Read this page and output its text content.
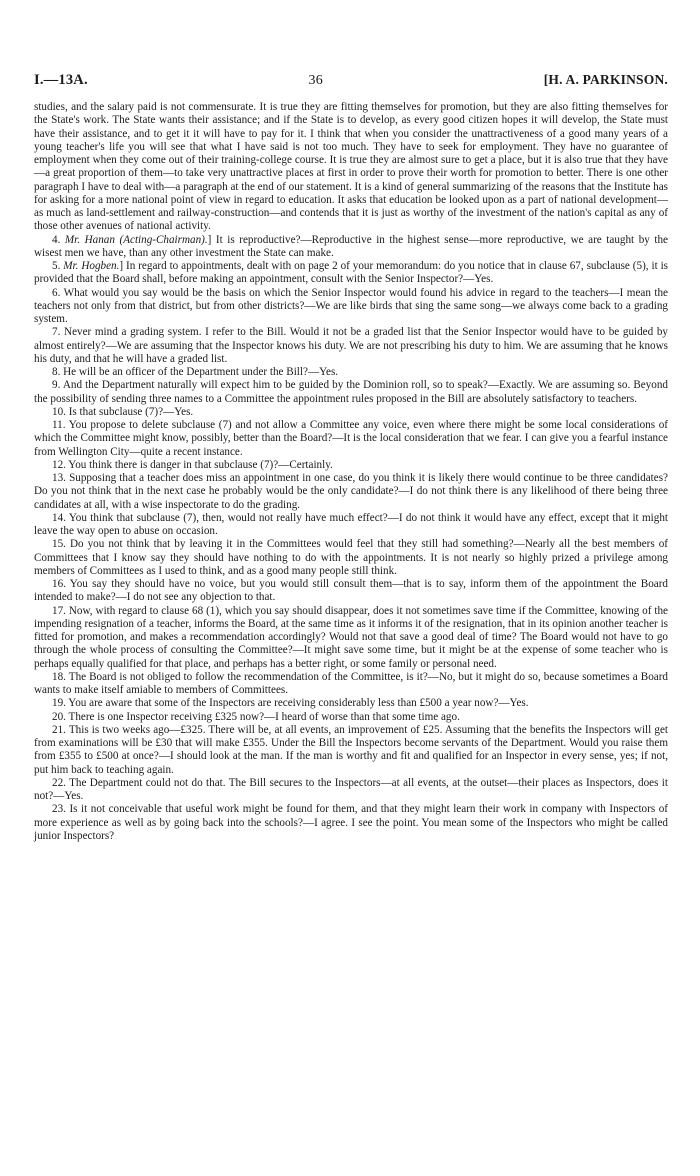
I.—13A.	36	[H. A. PARKINSON.

studies, and the salary paid is not commensurate. It is true they are fitting themselves for promotion, but they are also fitting themselves for the State's work. The State wants their assistance; and if the State is to develop, as every good citizen hopes it will develop, the State must have their assistance, and to get it it will have to pay for it. I think that when you consider the unattractiveness of a good many years of a young teacher's life you will see that what I have said is not too much. They have to seek for employment. They have no guarantee of employment when they come out of their training-college course. It is true they are almost sure to get a place, but it is also true that they have—a great proportion of them—to take very unattractive places at first in order to prove their worth for promotion to better. There is one other paragraph I have to deal with—a paragraph at the end of our statement. It is a kind of general summarizing of the reasons that the Institute has for asking for a more national point of view in regard to education. It asks that education be looked upon as a part of national development—as much as land-settlement and railway-construction—and contends that it is just as worthy of the investment of the nation's capital as any of those other avenues of national activity.

4. Mr. Hanan (Acting-Chairman).] It is reproductive?—Reproductive in the highest sense—more reproductive, we are taught by the wisest men we have, than any other investment the State can make.

5. Mr. Hogben.] In regard to appointments, dealt with on page 2 of your memorandum: do you notice that in clause 67, subclause (5), it is provided that the Board shall, before making an appointment, consult with the Senior Inspector?—Yes.

6. What would you say would be the basis on which the Senior Inspector would found his advice in regard to the teachers—I mean the teachers not only from that district, but from other districts?—We are like birds that sing the same song—we always come back to a grading system.

7. Never mind a grading system. I refer to the Bill. Would it not be a graded list that the Senior Inspector would have to be guided by almost entirely?—We are assuming that the Inspector knows his duty. We are not prescribing his duty to him. We are assuming that he knows his duty, and that he will have a graded list.

8. He will be an officer of the Department under the Bill?—Yes.

9. And the Department naturally will expect him to be guided by the Dominion roll, so to speak?—Exactly. We are assuming so. Beyond the possibility of sending three names to a Committee the appointment rules proposed in the Bill are absolutely satisfactory to teachers.

10. Is that subclause (7)?—Yes.

11. You propose to delete subclause (7) and not allow a Committee any voice, even where there might be some local considerations of which the Committee might know, possibly, better than the Board?—It is the local consideration that we fear. I can give you a fearful instance from Wellington City—quite a recent instance.

12. You think there is danger in that subclause (7)?—Certainly.

13. Supposing that a teacher does miss an appointment in one case, do you think it is likely there would continue to be three candidates? Do you not think that in the next case he probably would be the only candidate?—I do not think there is any likelihood of there being three candidates at all, with a wise inspectorate to do the grading.

14. You think that subclause (7), then, would not really have much effect?—I do not think it would have any effect, except that it might leave the way open to abuse on occasion.

15. Do you not think that by leaving it in the Committees would feel that they still had something?—Nearly all the best members of Committees that I know say they should have nothing to do with the appointments. It is not nearly so highly prized a privilege among members of Committees as I used to think, and as a good many people still think.

16. You say they should have no voice, but you would still consult them—that is to say, inform them of the appointment the Board intended to make?—I do not see any objection to that.

17. Now, with regard to clause 68 (1), which you say should disappear, does it not sometimes save time if the Committee, knowing of the impending resignation of a teacher, informs the Board, at the same time as it informs it of the resignation, that in its opinion another teacher is fitted for promotion, and makes a recommendation accordingly? Would not that save a good deal of time? The Board would not have to go through the whole process of consulting the Committee?—It might save some time, but it might be at the expense of some teacher who is perhaps equally qualified for that place, and perhaps has a better right, or some family or personal need.

18. The Board is not obliged to follow the recommendation of the Committee, is it?—No, but it might do so, because sometimes a Board wants to make itself amiable to members of Committees.

19. You are aware that some of the Inspectors are receiving considerably less than £500 a year now?—Yes.

20. There is one Inspector receiving £325 now?—I heard of worse than that some time ago.

21. This is two weeks ago—£325. There will be, at all events, an improvement of £25. Assuming that the benefits the Inspectors will get from examinations will be £30 that will make £355. Under the Bill the Inspectors become servants of the Department. Would you raise them from £355 to £500 at once?—I should look at the man. If the man is worthy and fit and qualified for an Inspector in every sense, yes; if not, put him back to teaching again.

22. The Department could not do that. The Bill secures to the Inspectors—at all events, at the outset—their places as Inspectors, does it not?—Yes.

23. Is it not conceivable that useful work might be found for them, and that they might learn their work in company with Inspectors of more experience as well as by going back into the schools?—I agree. I see the point. You mean some of the Inspectors who might be called junior Inspectors?
